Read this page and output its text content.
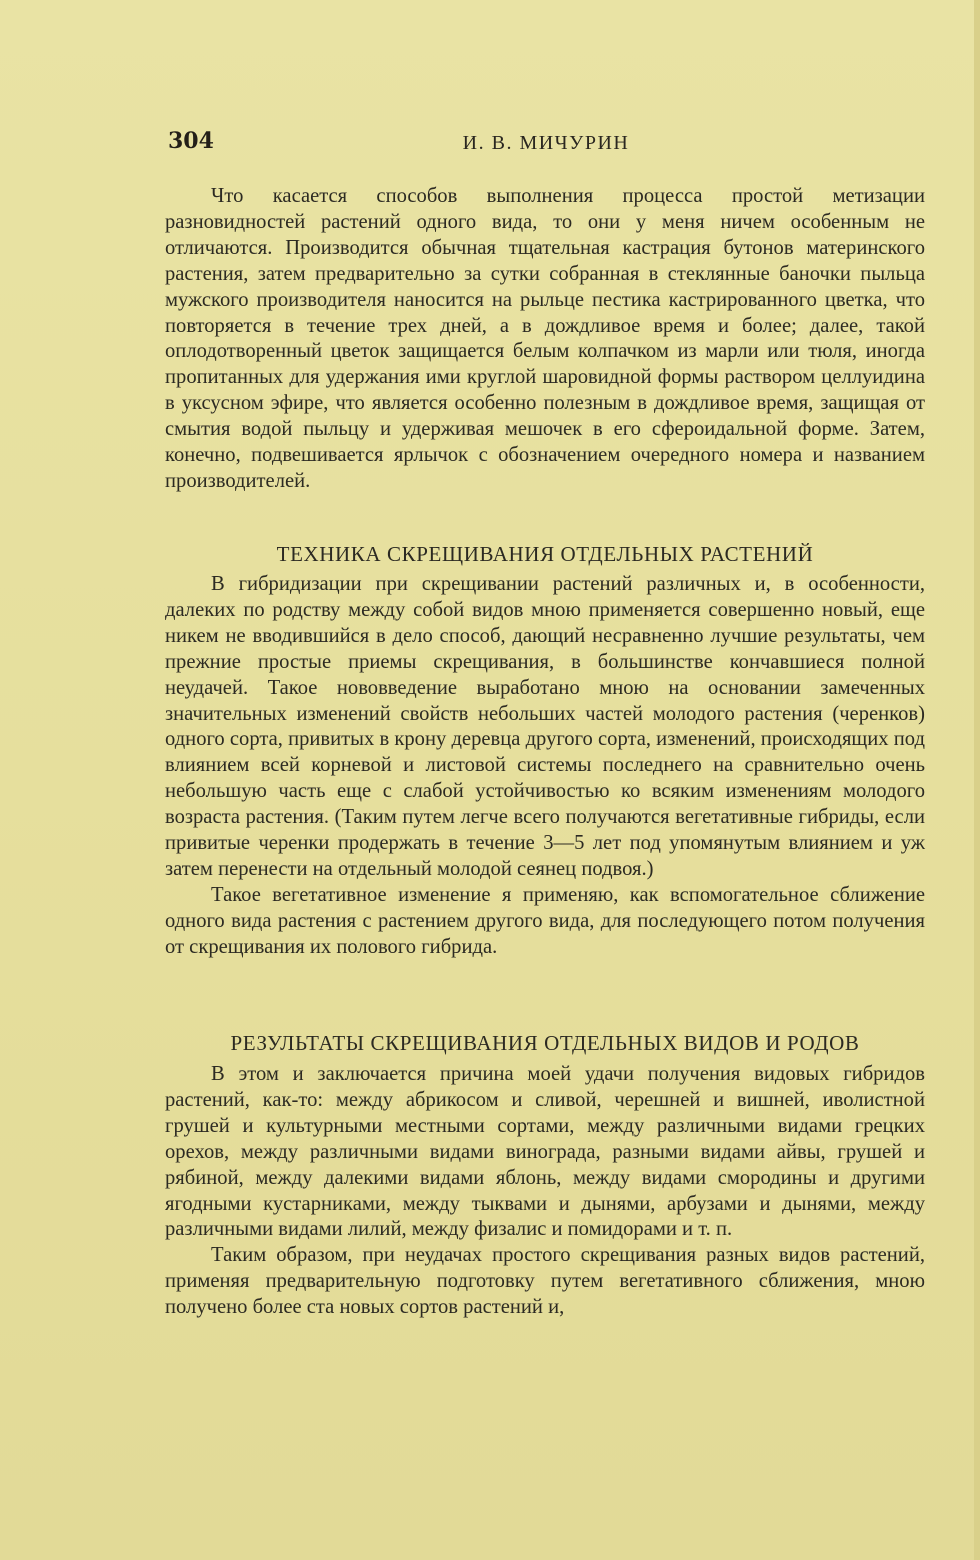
304	И. В. МИЧУРИН

Что касается способов выполнения процесса простой метизации разновидностей растений одного вида, то они у меня ничем особенным не отличаются. Производится обычная тщательная кастрация бутонов материнского растения, затем предварительно за сутки собранная в стеклянные баночки пыльца мужского производителя наносится на рыльце пестика кастрированного цветка, что повторяется в течение трех дней, а в дождливое время и более; далее, такой оплодотворенный цветок защищается белым колпачком из марли или тюля, иногда пропитанных для удержания ими круглой шаровидной формы раствором целлуидина в уксусном эфире, что является особенно полезным в дождливое время, защищая от смытия водой пыльцу и удерживая мешочек в его сфероидальной форме. Затем, конечно, подвешивается ярлычок с обозначением очередного номера и названием производителей.

ТЕХНИКА СКРЕЩИВАНИЯ ОТДЕЛЬНЫХ РАСТЕНИЙ

В гибридизации при скрещивании растений различных и, в особенности, далеких по родству между собой видов мною применяется совершенно новый, еще никем не вводившийся в дело способ, дающий несравненно лучшие результаты, чем прежние простые приемы скрещивания, в большинстве кончавшиеся полной неудачей. Такое нововведение выработано мною на основании замеченных значительных изменений свойств небольших частей молодого растения (черенков) одного сорта, привитых в крону деревца другого сорта, изменений, происходящих под влиянием всей корневой и листовой системы последнего на сравнительно очень небольшую часть еще с слабой устойчивостью ко всяким изменениям молодого возраста растения. (Таким путем легче всего получаются вегетативные гибриды, если привитые черенки продержать в течение 3—5 лет под упомянутым влиянием и уж затем перенести на отдельный молодой сеянец подвоя.)

Такое вегетативное изменение я применяю, как вспомогательное сближение одного вида растения с растением другого вида, для последующего потом получения от скрещивания их полового гибрида.

РЕЗУЛЬТАТЫ СКРЕЩИВАНИЯ ОТДЕЛЬНЫХ ВИДОВ И РОДОВ

В этом и заключается причина моей удачи получения видовых гибридов растений, как-то: между абрикосом и сливой, черешней и вишней, иволистной грушей и культурными местными сортами, между различными видами грецких орехов, между различными видами винограда, разными видами айвы, грушей и рябиной, между далекими видами яблонь, между видами смородины и другими ягодными кустарниками, между тыквами и дынями, арбузами и дынями, между различными видами лилий, между физалис и помидорами и т. п.

Таким образом, при неудачах простого скрещивания разных видов растений, применяя предварительную подготовку путем вегетативного сближения, мною получено более ста новых сортов растений и,
